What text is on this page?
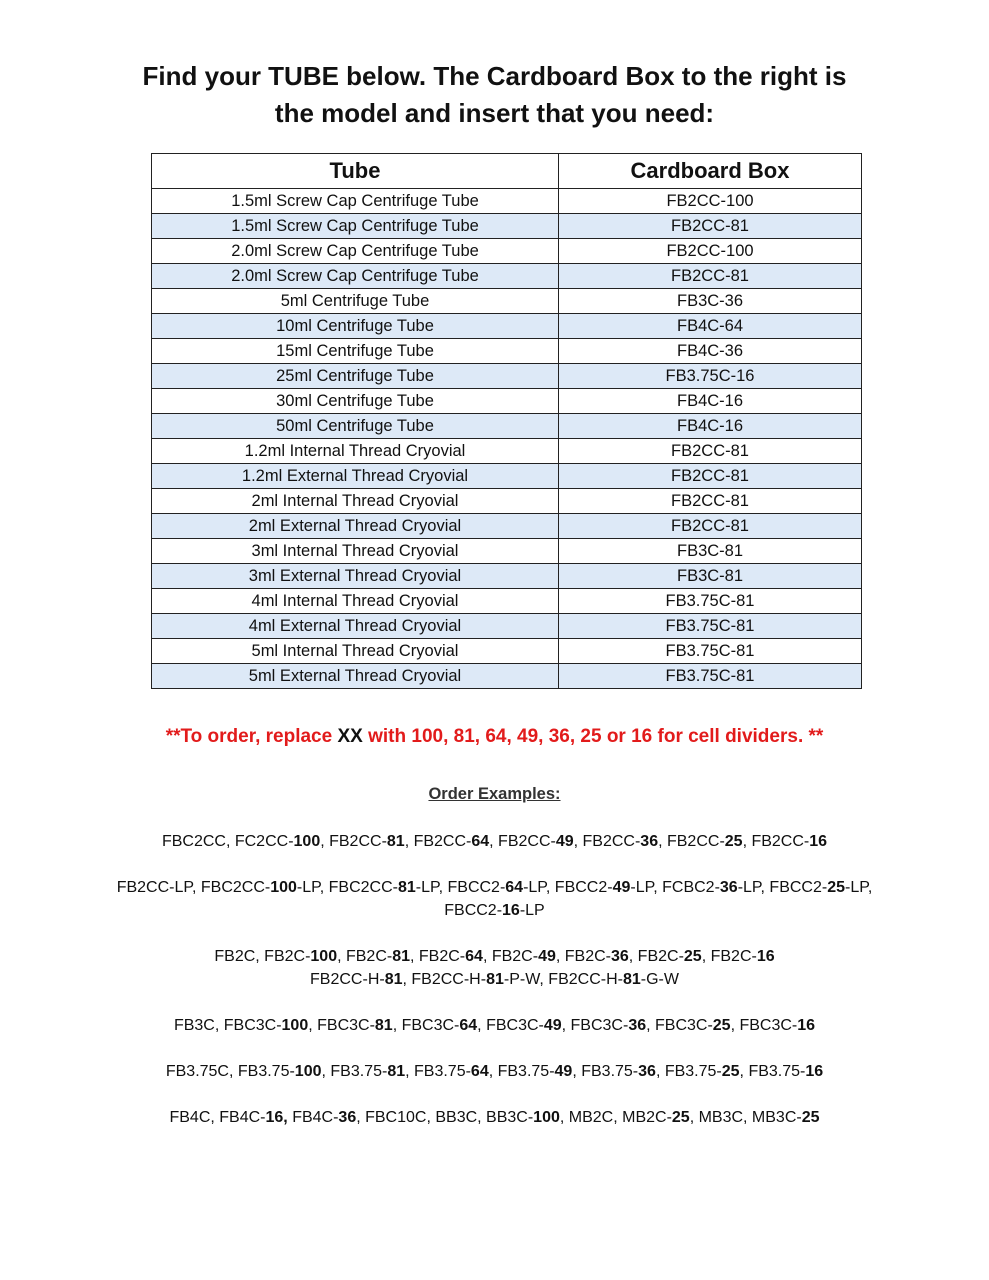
Find your TUBE below. The Cardboard Box to the right is
the model and insert that you need:
Tube	Cardboard Box
1.5ml Screw Cap Centrifuge Tube	FB2CC-100
1.5ml Screw Cap Centrifuge Tube	FB2CC-81
2.0ml Screw Cap Centrifuge Tube	FB2CC-100
2.0ml Screw Cap Centrifuge Tube	FB2CC-81
5ml Centrifuge Tube	FB3C-36
10ml Centrifuge Tube	FB4C-64
15ml Centrifuge Tube	FB4C-36
25ml Centrifuge Tube	FB3.75C-16
30ml Centrifuge Tube	FB4C-16
50ml Centrifuge Tube	FB4C-16
1.2ml Internal Thread Cryovial	FB2CC-81
1.2ml External Thread Cryovial	FB2CC-81
2ml Internal Thread Cryovial	FB2CC-81
2ml External Thread Cryovial	FB2CC-81
3ml Internal Thread Cryovial	FB3C-81
3ml External Thread Cryovial	FB3C-81
4ml Internal Thread Cryovial	FB3.75C-81
4ml External Thread Cryovial	FB3.75C-81
5ml Internal Thread Cryovial	FB3.75C-81
5ml External Thread Cryovial	FB3.75C-81
**To order, replace XX with 100, 81, 64, 49, 36, 25 or 16 for cell dividers. **
Order Examples:

FBC2CC, FC2CC-100, FB2CC-81, FB2CC-64, FB2CC-49, FB2CC-36, FB2CC-25, FB2CC-16

FB2CC-LP, FBC2CC-100-LP, FBC2CC-81-LP, FBCC2-64-LP, FBCC2-49-LP, FCBC2-36-LP, FBCC2-25-LP, FBCC2-16-LP

FB2C, FB2C-100, FB2C-81, FB2C-64, FB2C-49, FB2C-36, FB2C-25, FB2C-16
FB2CC-H-81, FB2CC-H-81-P-W, FB2CC-H-81-G-W

FB3C, FBC3C-100, FBC3C-81, FBC3C-64, FBC3C-49, FBC3C-36, FBC3C-25, FBC3C-16

FB3.75C, FB3.75-100, FB3.75-81, FB3.75-64, FB3.75-49, FB3.75-36, FB3.75-25, FB3.75-16

FB4C, FB4C-16, FB4C-36, FBC10C, BB3C, BB3C-100, MB2C, MB2C-25, MB3C, MB3C-25
